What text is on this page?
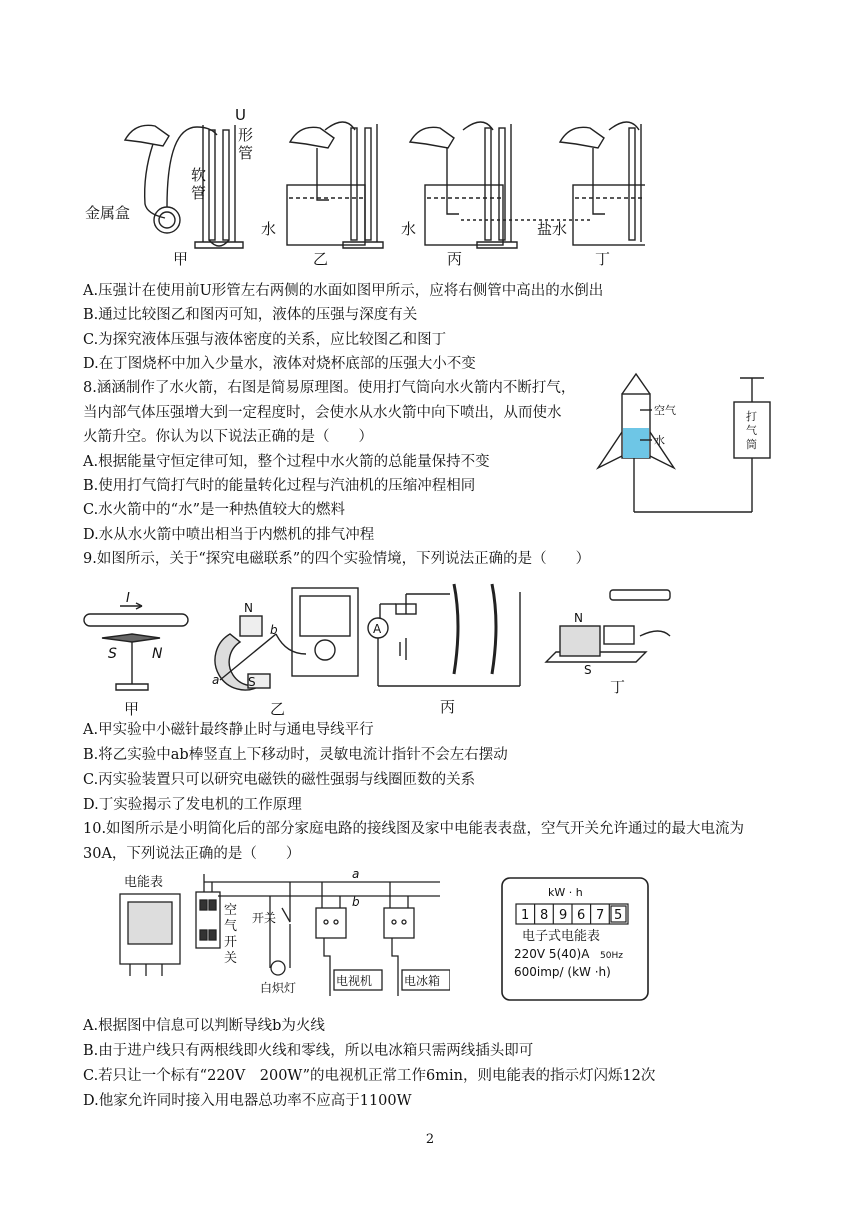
U
形
管
软
管
金属盒
水	水	盐水
甲	乙	丙	丁
A.压强计在使用前U形管左右两侧的水面如图甲所示，应将右侧管中高出的水倒出
B.通过比较图乙和图丙可知，液体的压强与深度有关
C.为探究液体压强与液体密度的关系，应比较图乙和图丁
D.在丁图烧杯中加入少量水，液体对烧杯底部的压强大小不变
8.涵涵制作了水火箭，右图是简易原理图。使用打气筒向水火箭内不断打气，
当内部气体压强增大到一定程度时，会使水从水火箭中向下喷出，从而使水
火箭升空。你认为以下说法正确的是（　　）
A.根据能量守恒定律可知，整个过程中水火箭的总能量保持不变
B.使用打气筒打气时的能量转化过程与汽油机的压缩冲程相同
C.水火箭中的“水”是一种热值较大的燃料
D.水从水火箭中喷出相当于内燃机的排气冲程
空气
水
打
气
筒
9.如图所示，关于“探究电磁联系”的四个实验情境，下列说法正确的是（　　）
I
S	N
N
b
a S
A
N
S
甲	乙	丙
丁
A.甲实验中小磁针最终静止时与通电导线平行
B.将乙实验中ab棒竖直上下移动时，灵敏电流计指针不会左右摆动
C.丙实验装置只可以研究电磁铁的磁性强弱与线圈匝数的关系
D.丁实验揭示了发电机的工作原理
10.如图所示是小明简化后的部分家庭电路的接线图及家中电能表表盘，空气开关允许通过的最大电流为
30A，下列说法正确的是（　　）
电能表
空
气
开
关
开关
白炽灯	电视机	电冰箱
a
b
kW · h
1 8 9 6 7 5
电子式电能表
220V 5(40)A 50Hz
600imp/ (kW ·h)
A.根据图中信息可以判断导线b为火线
B.由于进户线只有两根线即火线和零线，所以电冰箱只需两线插头即可
C.若只让一个标有“220V　200W”的电视机正常工作6min，则电能表的指示灯闪烁12次
D.他家允许同时接入用电器总功率不应高于1100W
2
